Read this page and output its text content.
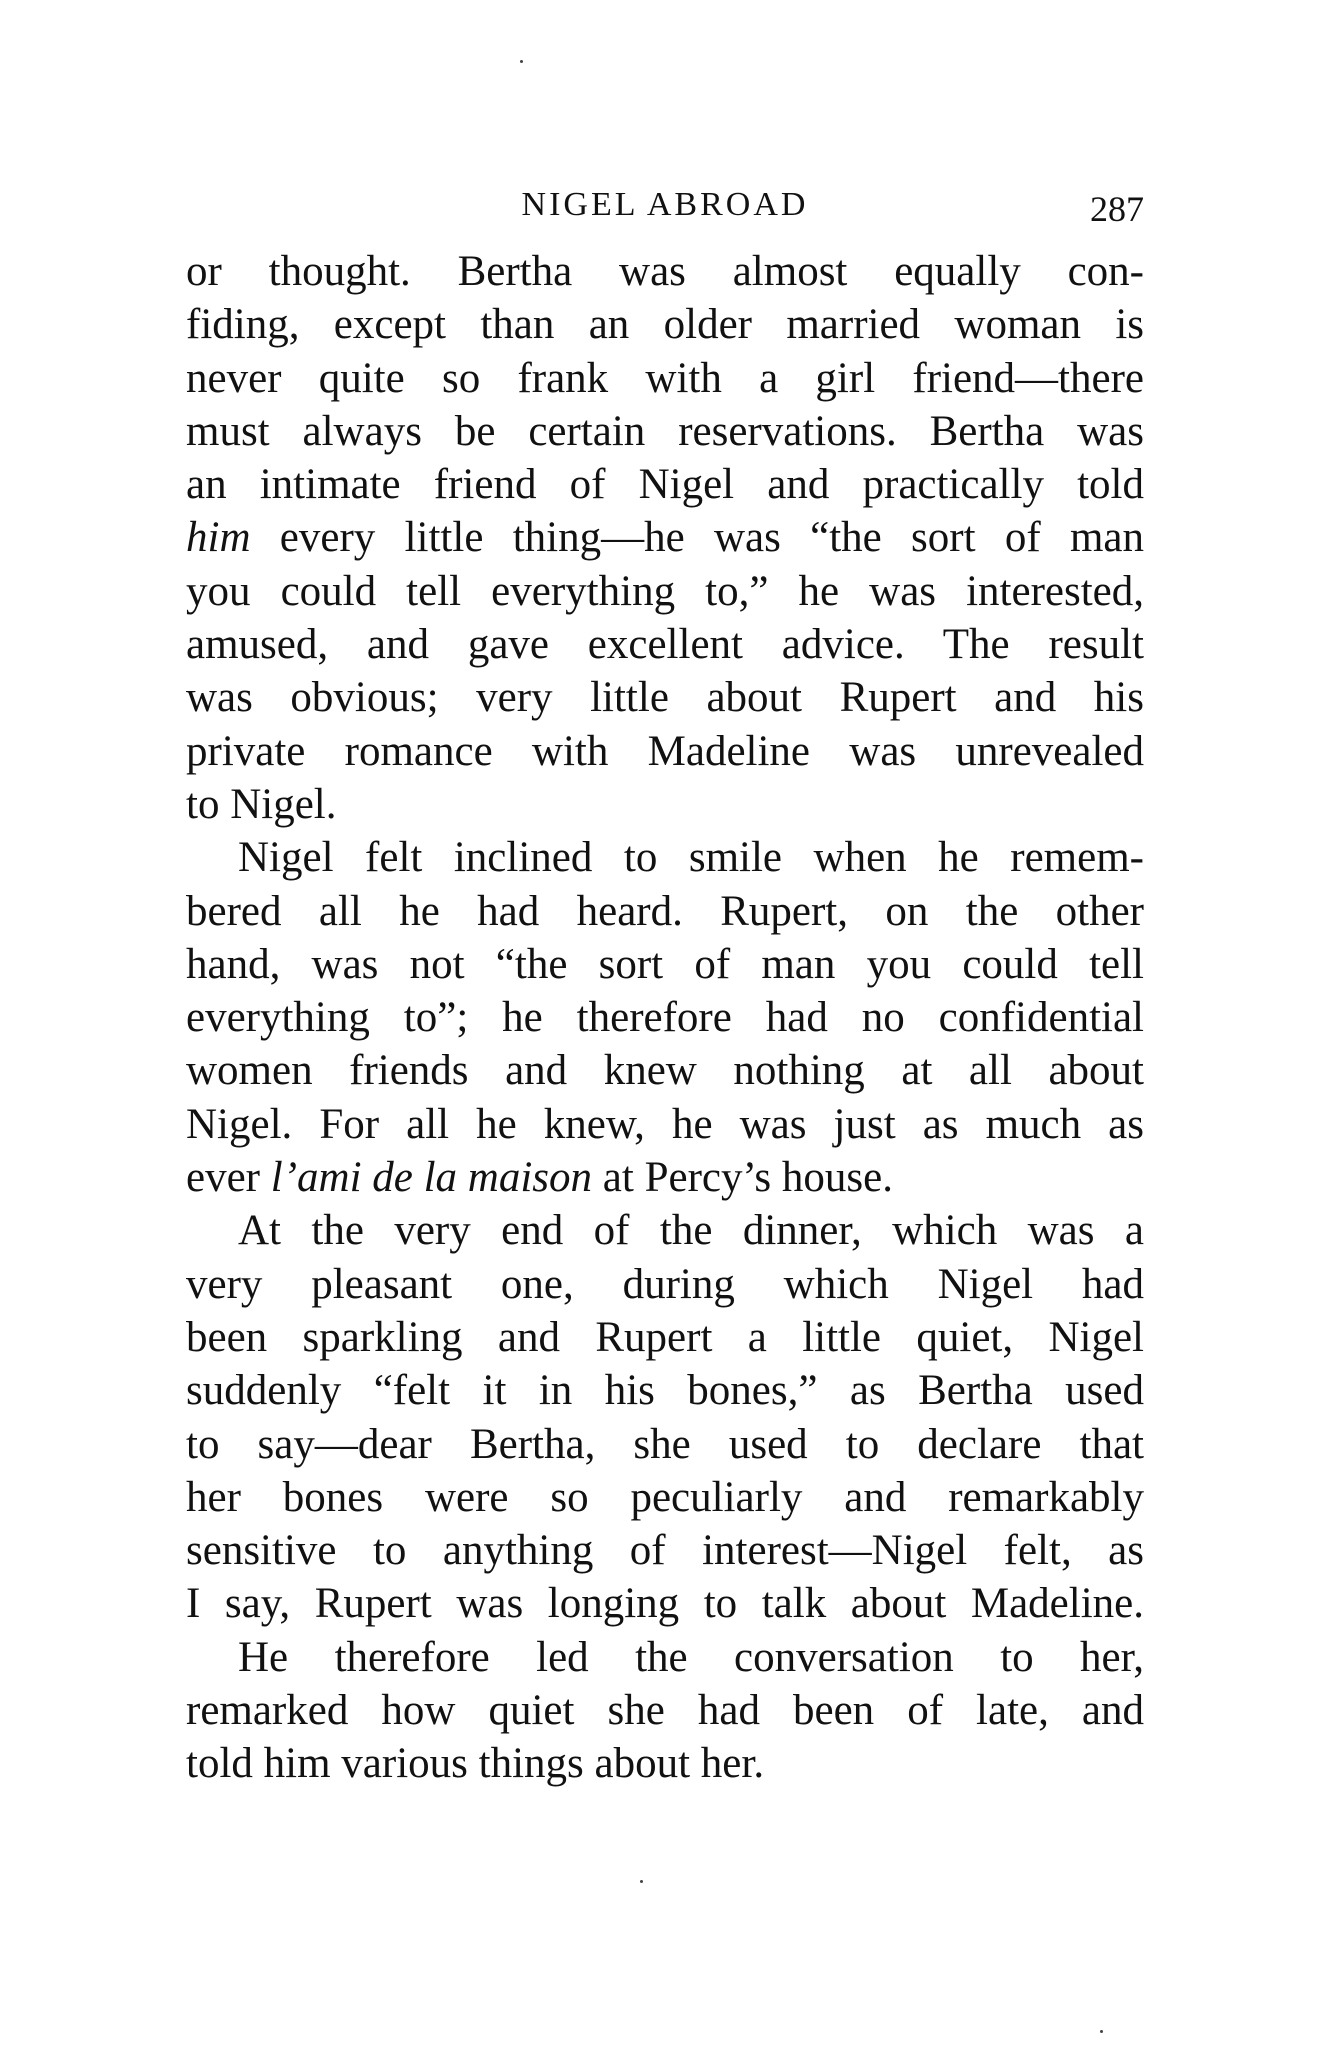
NIGEL ABROAD	287

or thought. Bertha was almost equally con-
fiding, except than an older married woman is
never quite so frank with a girl friend—there
must always be certain reservations. Bertha was
an intimate friend of Nigel and practically told
him every little thing—he was “the sort of man
you could tell everything to,” he was interested,
amused, and gave excellent advice. The result
was obvious; very little about Rupert and his
private romance with Madeline was unrevealed
to Nigel.

Nigel felt inclined to smile when he remem-
bered all he had heard. Rupert, on the other
hand, was not “the sort of man you could tell
everything to”; he therefore had no confidential
women friends and knew nothing at all about
Nigel. For all he knew, he was just as much as
ever l’ami de la maison at Percy’s house.

At the very end of the dinner, which was a
very pleasant one, during which Nigel had
been sparkling and Rupert a little quiet, Nigel
suddenly “felt it in his bones,” as Bertha used
to say—dear Bertha, she used to declare that
her bones were so peculiarly and remarkably
sensitive to anything of interest—Nigel felt, as
I say, Rupert was longing to talk about Madeline.

He therefore led the conversation to her,
remarked how quiet she had been of late, and
told him various things about her.
